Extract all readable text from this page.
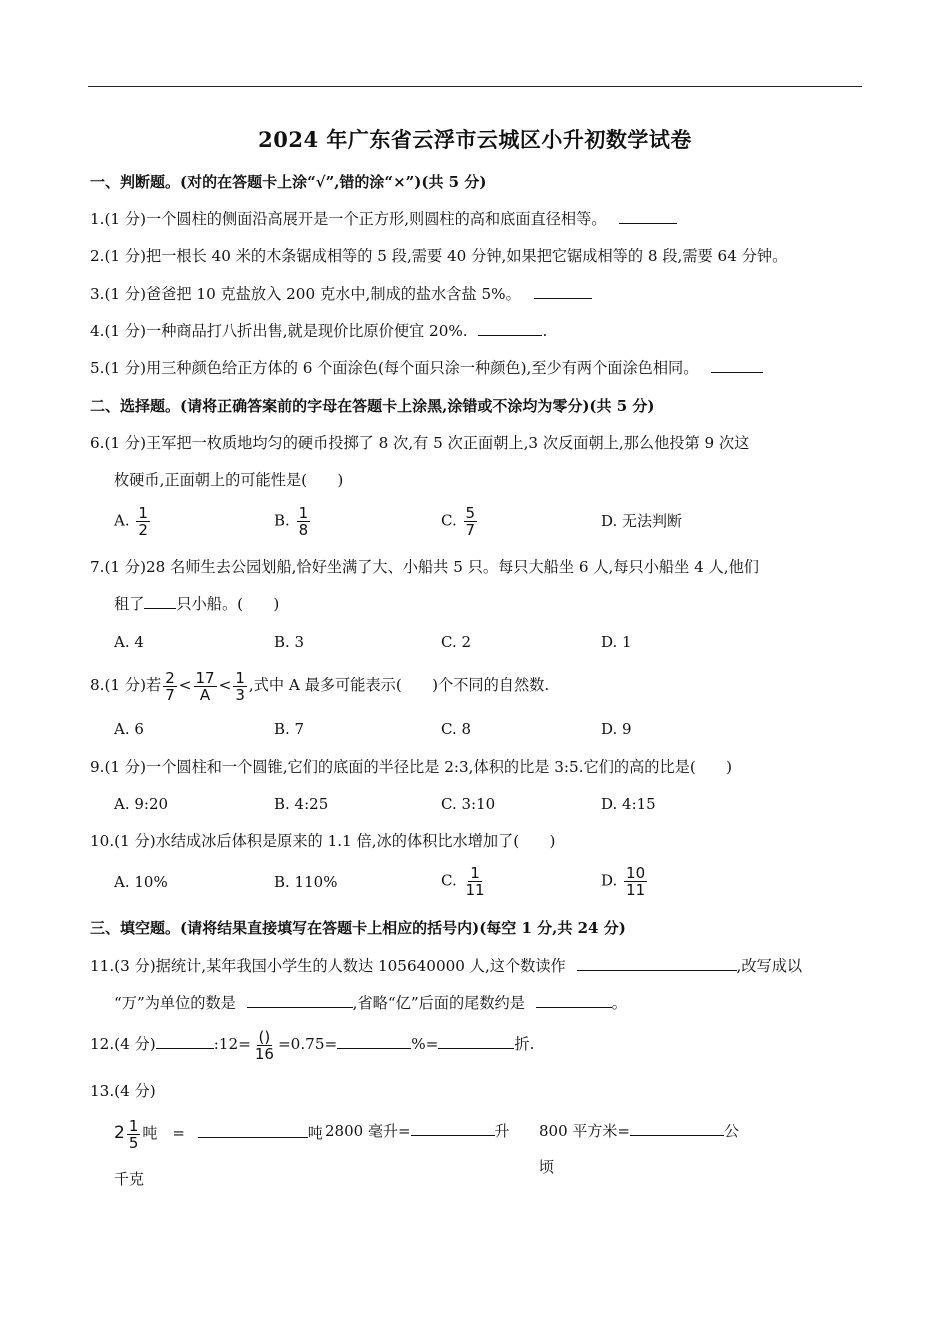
2024 年广东省云浮市云城区小升初数学试卷
一、判断题。(对的在答题卡上涂“√”,错的涂“×”)(共 5 分)
1.(1 分)一个圆柱的侧面沿高展开是一个正方形,则圆柱的高和底面直径相等。
2.(1 分)把一根长 40 米的木条锯成相等的 5 段,需要 40 分钟,如果把它锯成相等的 8 段,需要 64 分钟。
3.(1 分)爸爸把 10 克盐放入 200 克水中,制成的盐水含盐 5%。
4.(1 分)一种商品打八折出售,就是现价比原价便宜 20%.	.
5.(1 分)用三种颜色给正方体的 6 个面涂色(每个面只涂一种颜色),至少有两个面涂色相同。
二、选择题。(请将正确答案前的字母在答题卡上涂黑,涂错或不涂均为零分)(共 5 分)
6.(1 分)王军把一枚质地均匀的硬币投掷了 8 次,有 5 次正面朝上,3 次反面朝上,那么他投第 9 次这
枚硬币,正面朝上的可能性是(　　)
A. $\frac{1}{2}$	B. $\frac{1}{8}$	C. $\frac{5}{7}$	D. 无法判断
7.(1 分)28 名师生去公园划船,恰好坐满了大、小船共 5 只。每只大船坐 6 人,每只小船坐 4 人,他们
租了 只小船。(　　)
A. 4	B. 3	C. 2	D. 1
8.(1 分)若 $\frac{2}{7} < \frac{17}{A} < \frac{1}{3}$ ,式中 A 最多可能表示(　　)个不同的自然数.
A. 6	B. 7	C. 8	D. 9
9.(1 分)一个圆柱和一个圆锥,它们的底面的半径比是 2:3,体积的比是 3:5.它们的高的比是(　　)
A. 9:20	B. 4:25	C. 3:10	D. 4:15
10.(1 分)水结成冰后体积是原来的 1.1 倍,冰的体积比水增加了(　　)
A. 10%	B. 110%	C. $\frac{1}{11}$	D. $\frac{10}{11}$
三、填空题。(请将结果直接填写在答题卡上相应的括号内)(每空 1 分,共 24 分)
11.(3 分)据统计,某年我国小学生的人数达 105640000 人,这个数读作	,改写成以
“万”为单位的数是	,省略“亿”后面的尾数约是	。
12.(4 分)	:12= $\frac{()}{16} =0.75=$	%=	折.
13.(4 分)
$2 \frac{1}{5}$ 吨　=	吨
千克
2800 毫升=	升 800 平方米=	公
顷
